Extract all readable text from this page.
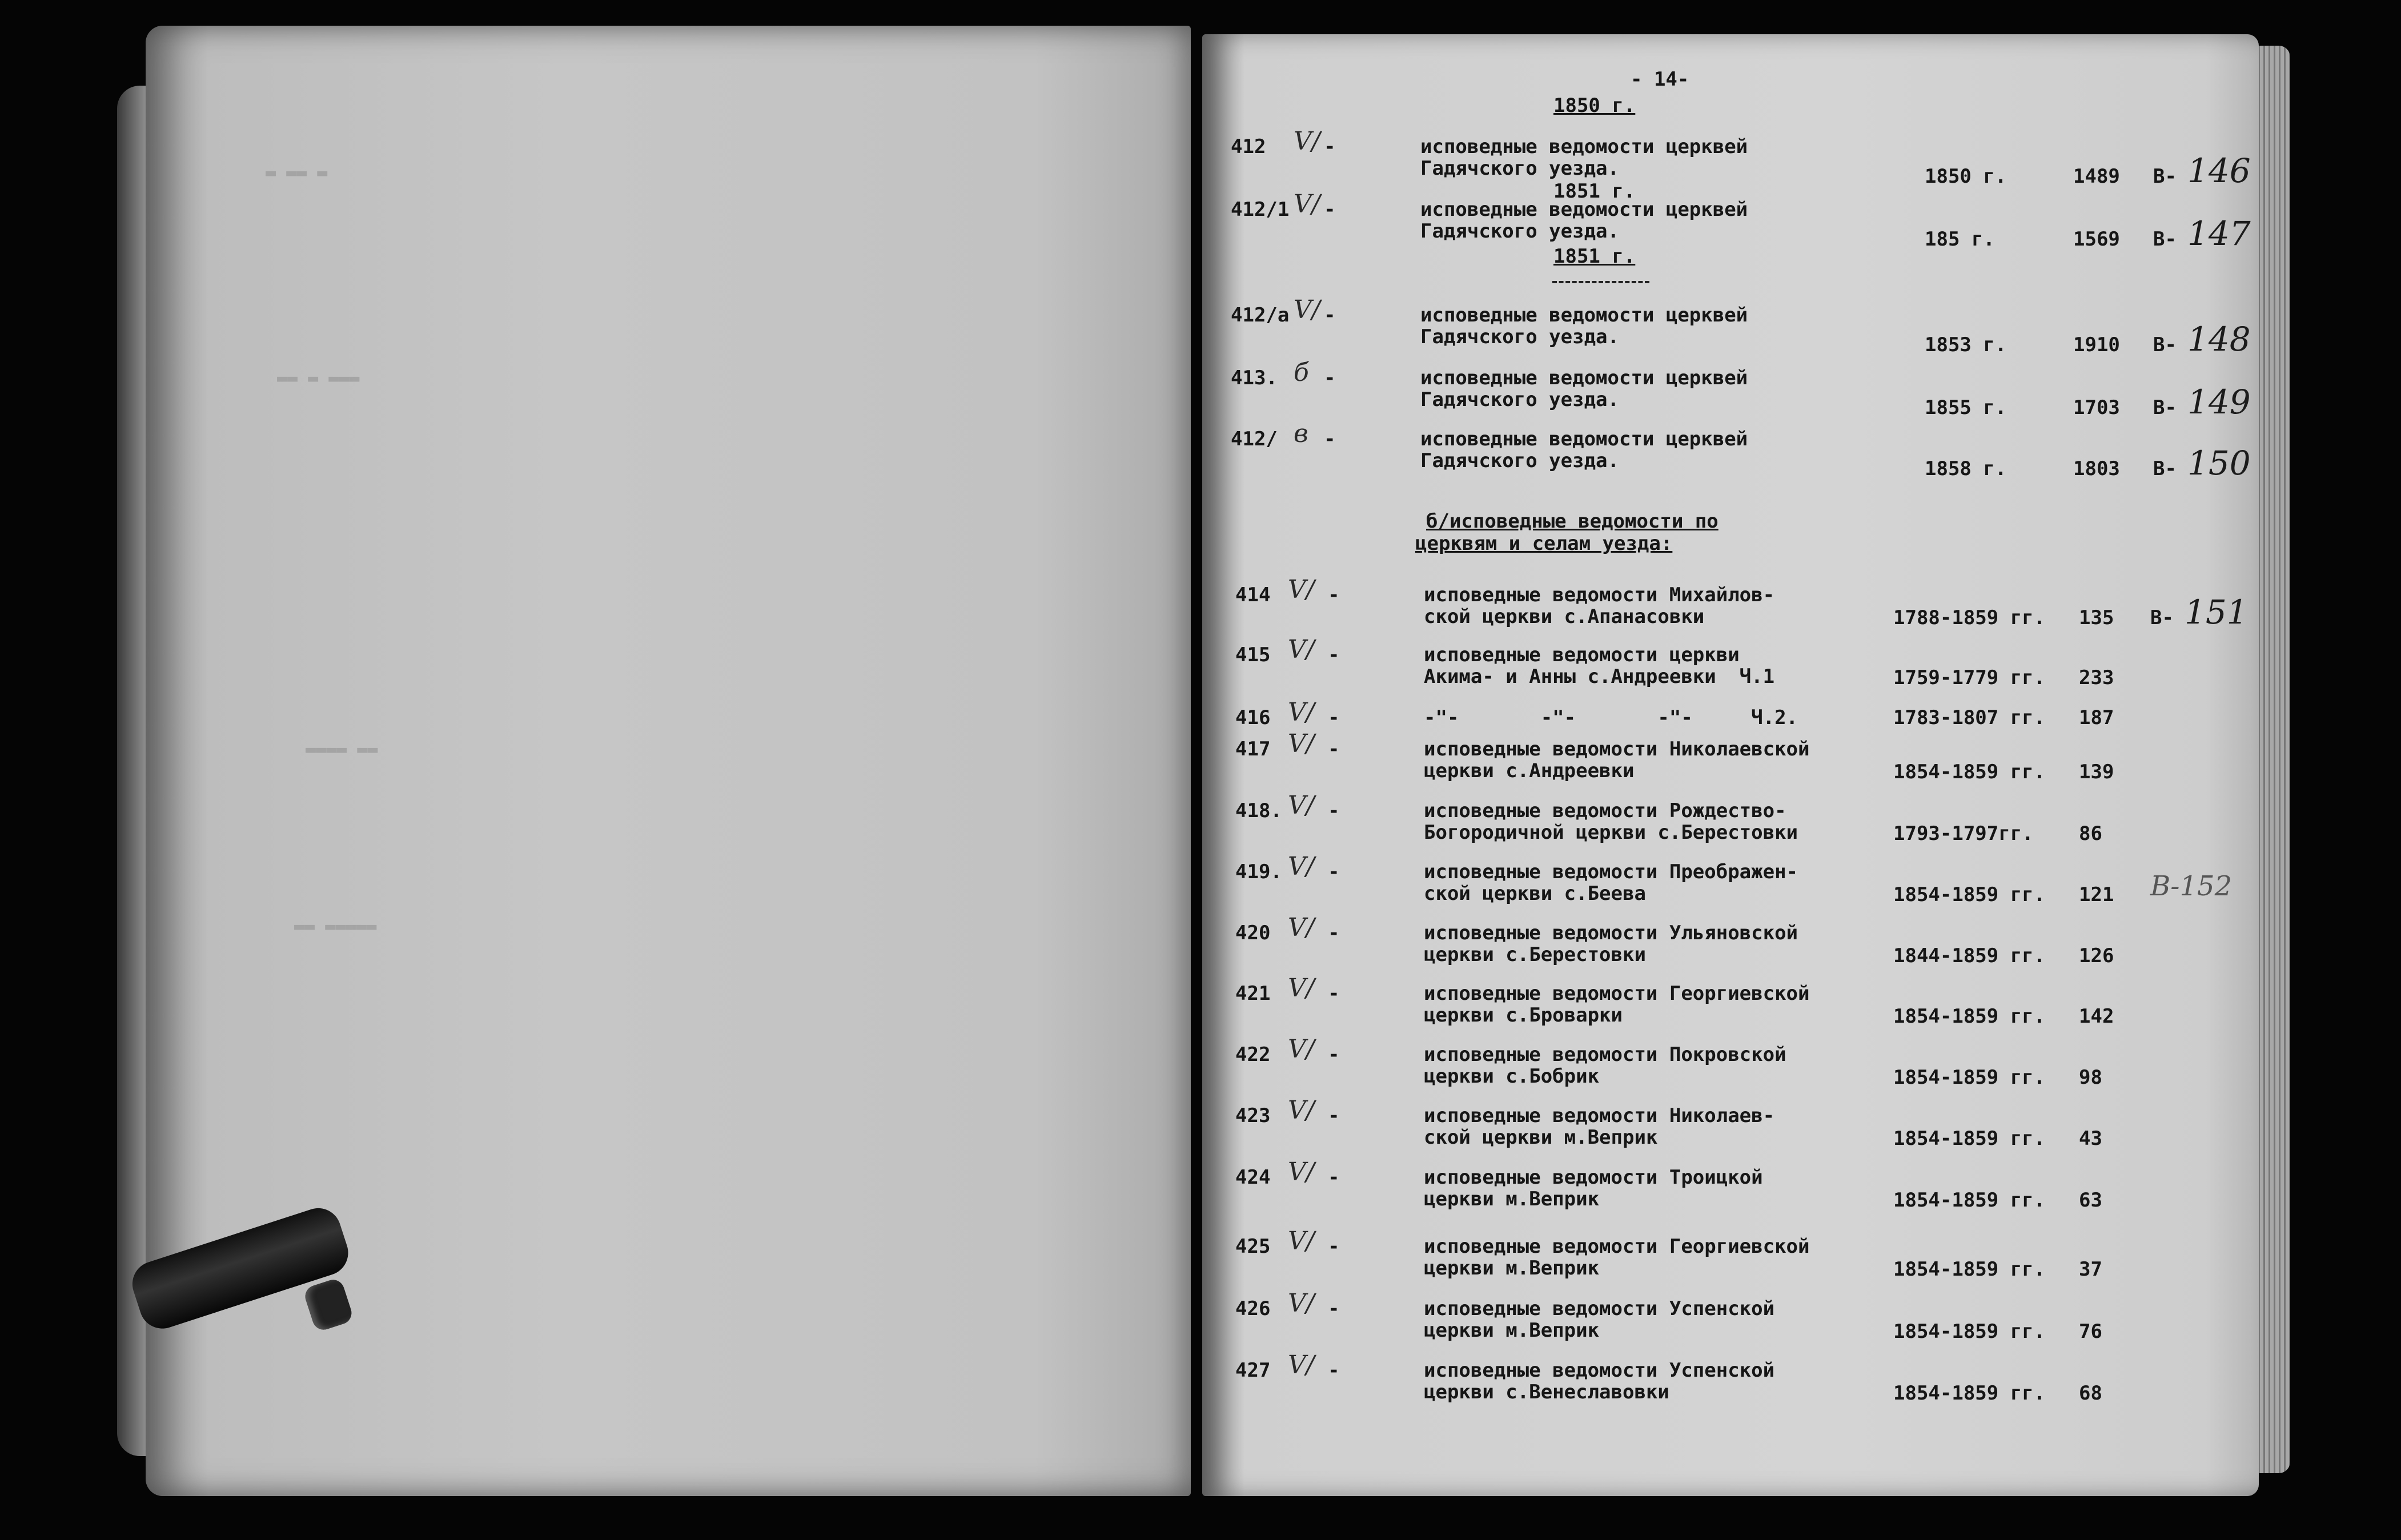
▬ ▬▬ ▬
▬▬ ▬ ▬▬▬
▬▬▬▬ ▬▬
▬▬ ▬▬▬▬▬
- 14-
1850 г.
1851 г.
1851 г.
б/исповедные ведомости по
церквям и селам уезда:
412 V/ -	исповедные ведомости церквей
Гадячского уезда.	1850 г.	1489 В- 146
412/1 V/ -	исповедные ведомости церквей
Гадячского уезда.	185 г.	1569 В- 147
412/а V/ -	исповедные ведомости церквей
Гадячского уезда.	1853 г.	1910 В- 148
413. б -	исповедные ведомости церквей
Гадячского уезда.	1855 г.	1703 В- 149
412/ в -	исповедные ведомости церквей
Гадячского уезда.	1858 г.	1803 В- 150
414 V/ -	исповедные ведомости Михайлов-
ской церкви с.Апанасовки	1788-1859 гг. 135 В- 151
415 V/ -	исповедные ведомости церкви
Акима- и Анны с.Андреевки  Ч.1	1759-1779 гг. 233
416 V/ -	-"-       -"-       -"-     Ч.2.	1783-1807 гг. 187
417 V/ -	исповедные ведомости Николаевской
церкви с.Андреевки	1854-1859 гг. 139
418. V/ -	исповедные ведомости Рождество-
Богородичной церкви с.Берестовки	1793-1797гг. 86
419. V/ -	исповедные ведомости Преображен-
ской церкви с.Беева	1854-1859 гг. 121 В-152
420 V/ -	исповедные ведомости Ульяновской
церкви с.Берестовки	1844-1859 гг. 126
421 V/ -	исповедные ведомости Георгиевской
церкви с.Броварки	1854-1859 гг. 142
422 V/ -	исповедные ведомости Покровской
церкви с.Бобрик	1854-1859 гг. 98
423 V/ -	исповедные ведомости Николаев-
ской церкви м.Веприк	1854-1859 гг. 43
424 V/ -	исповедные ведомости Троицкой
церкви м.Веприк	1854-1859 гг. 63
425 V/ -	исповедные ведомости Георгиевской
церкви м.Веприк	1854-1859 гг. 37
426 V/ -	исповедные ведомости Успенской
церкви м.Веприк	1854-1859 гг. 76
427 V/ -	исповедные ведомости Успенской
церкви с.Венеславовки	1854-1859 гг. 68
